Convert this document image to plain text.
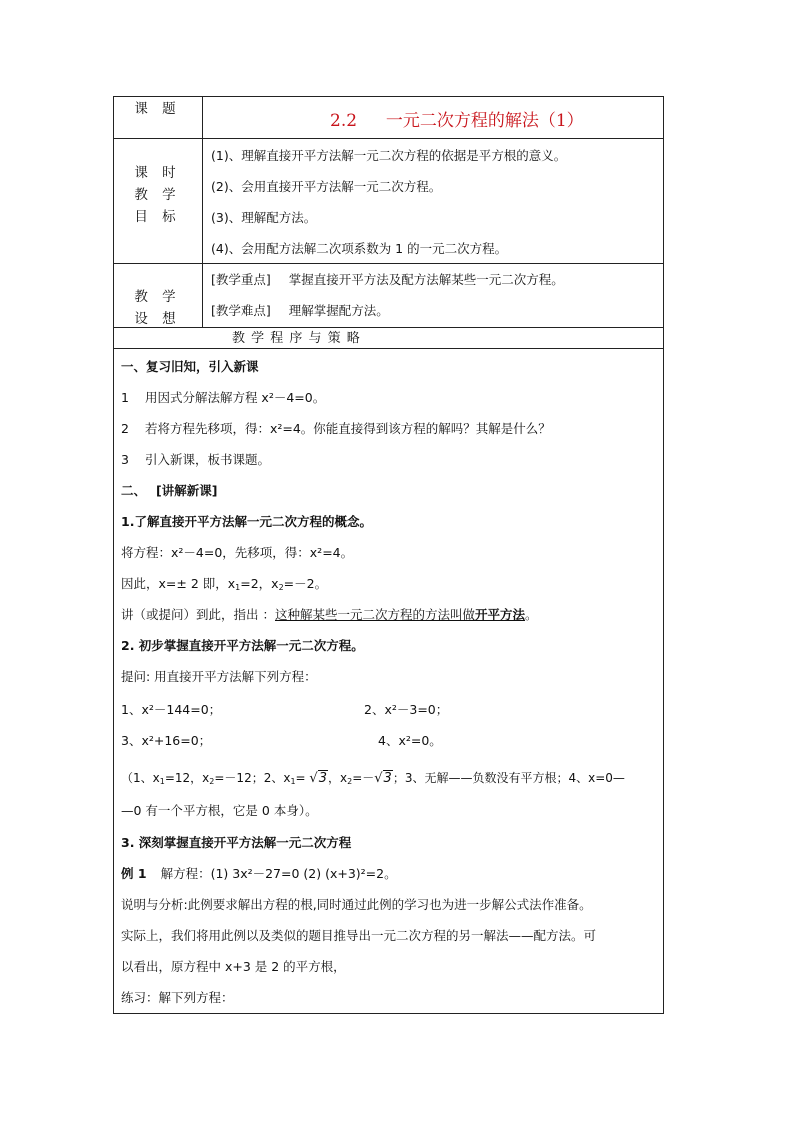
课 题
2.2 一元二次方程的解法（1）
课 时
教 学
目 标
(1)、理解直接开平方法解一元二次方程的依据是平方根的意义。
(2)、会用直接开平方法解一元二次方程。
(3)、理解配方法。
(4)、会用配方法解二次项系数为 1 的一元二次方程。
教 学
设 想
[教学重点] 掌握直接开平方法及配方法解某些一元二次方程。
[教学难点] 理解掌握配方法。
教 学 程 序 与 策 略
一、复习旧知，引入新课
1 用因式分解法解方程 x²－4=0。
2 若将方程先移项，得：x²=4。你能直接得到该方程的解吗？其解是什么？
3 引入新课，板书课题。
二、 [讲解新课]
1.了解直接开平方法解一元二次方程的概念。
将方程：x²－4=0，先移项，得：x²=4。
因此，x=± 2 即，$x_1=2$，$x_2=-2$。
讲（或提问）到此，指出 ：这种解某些一元二次方程的方法叫做开平方法。
2. 初步掌握直接开平方法解一元二次方程。
提问: 用直接开平方法解下列方程：
1、x²－144=0；	2、x²－3=0；
3、x²+16=0；	4、x²=0。
（1、$x_1=12$，$x_2=-12$；2、$x_1= √3$，$x_2=-√3$；3、无解——负数没有平方根；4、x=0—
—0 有一个平方根，它是 0 本身）。
3. 深刻掌握直接开平方法解一元二次方程
例 1 解方程：(1) 3x²－27=0 (2) (x+3)²=2。
说明与分析:此例要求解出方程的根,同时通过此例的学习也为进一步解公式法作准备。
实际上，我们将用此例以及类似的题目推导出一元二次方程的另一解法——配方法。可
以看出，原方程中 x+3 是 2 的平方根，
练习：解下列方程：
